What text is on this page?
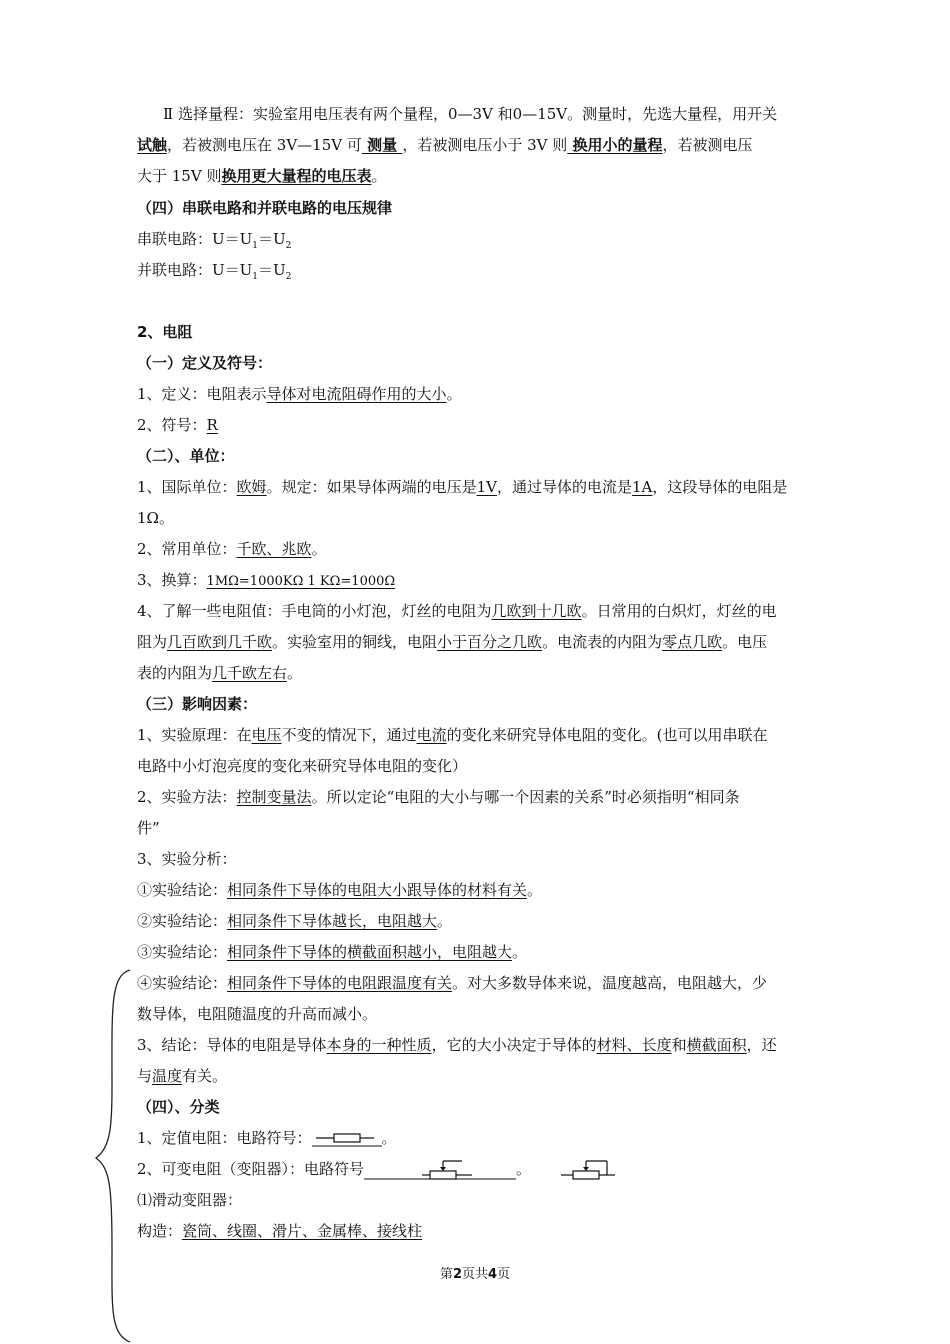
Ⅱ 选择量程：实验室用电压表有两个量程，0—3V 和0—15V。测量时，先选大量程，用开关
试触，若被测电压在 3V—15V 可 测量 ，若被测电压小于 3V 则 换用小的量程，若被测电压
大于 15V 则换用更大量程的电压表。
（四）串联电路和并联电路的电压规律
串联电路：$U=U_1=U_2$
并联电路：$U=U_1=U_2$
2、电阻
（一）定义及符号：
1、定义：电阻表示导体对电流阻碍作用的大小。
2、符号：R
（二）、单位：
1、国际单位：欧姆。规定：如果导体两端的电压是1V，通过导体的电流是1A，这段导体的电阻是
1Ω。
2、常用单位：千欧、兆欧。
3、换算：1MΩ=1000KΩ 1 KΩ=1000Ω
4、了解一些电阻值：手电筒的小灯泡，灯丝的电阻为几欧到十几欧。日常用的白炽灯，灯丝的电
阻为几百欧到几千欧。实验室用的铜线，电阻小于百分之几欧。电流表的内阻为零点几欧。电压
表的内阻为几千欧左右。
（三）影响因素：
1、实验原理：在电压不变的情况下，通过电流的变化来研究导体电阻的变化。(也可以用串联在
电路中小灯泡亮度的变化来研究导体电阻的变化）
2、实验方法：控制变量法。所以定论“电阻的大小与哪一个因素的关系”时必须指明“相同条
件”
3、实验分析：
①实验结论：相同条件下导体的电阻大小跟导体的材料有关。
②实验结论：相同条件下导体越长，电阻越大。
③实验结论：相同条件下导体的横截面积越小，电阻越大。
④实验结论：相同条件下导体的电阻跟温度有关。对大多数导体来说，温度越高，电阻越大，少
数导体，电阻随温度的升高而减小。
3、结论：导体的电阻是导体本身的一种性质，它的大小决定于导体的材料、长度和横截面积，还
与温度有关。
（四）、分类
1、定值电阻：电路符号：	。
2、可变电阻（变阻器）：电路符号	。
⑴滑动变阻器：
构造：瓷筒、线圈、滑片、金属棒、接线柱
第2页共4页
